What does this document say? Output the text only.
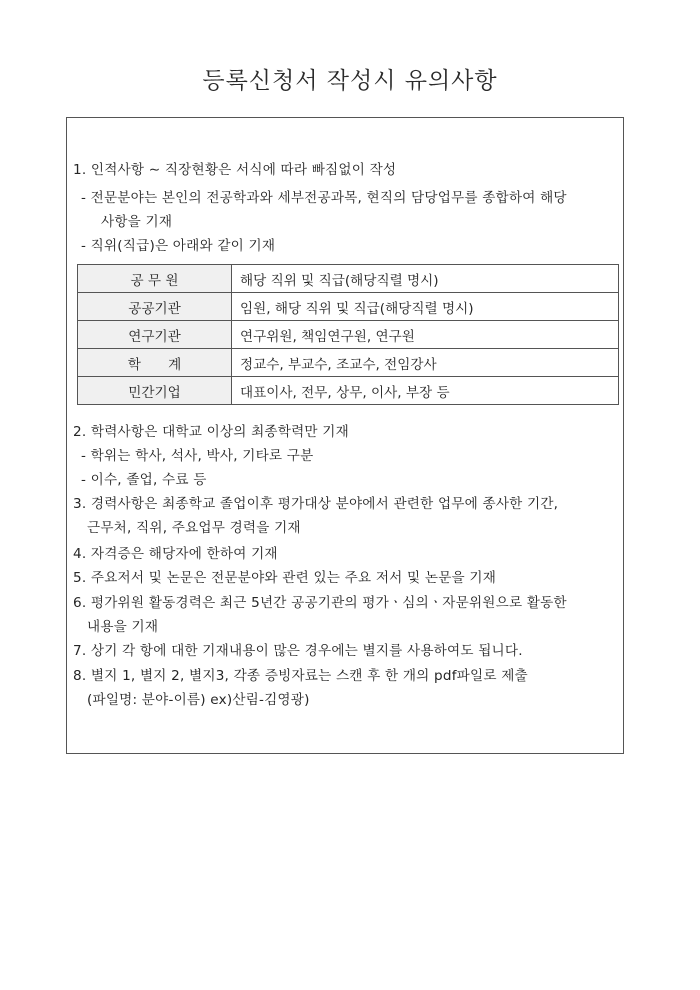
등록신청서 작성시 유의사항
1. 인적사항 ∼ 직장현황은 서식에 따라 빠짐없이 작성
- 전문분야는 본인의 전공학과와 세부전공과목, 현직의 담당업무를 종합하여 해당
사항을 기재
- 직위(직급)은 아래와 같이 기재
공 무 원	해당 직위 및 직급(해당직렬 명시)
공공기관	임원, 해당 직위 및 직급(해당직렬 명시)
연구기관	연구위원, 책임연구원, 연구원
학　　계	정교수, 부교수, 조교수, 전임강사
민간기업	대표이사, 전무, 상무, 이사, 부장 등
2. 학력사항은 대학교 이상의 최종학력만 기재
- 학위는 학사, 석사, 박사, 기타로 구분
- 이수, 졸업, 수료 등
3. 경력사항은 최종학교 졸업이후 평가대상 분야에서 관련한 업무에 종사한 기간,
근무처, 직위, 주요업무 경력을 기재
4. 자격증은 해당자에 한하여 기재
5. 주요저서 및 논문은 전문분야와 관련 있는 주요 저서 및 논문을 기재
6. 평가위원 활동경력은 최근 5년간 공공기관의 평가ㆍ심의ㆍ자문위원으로 활동한
내용을 기재
7. 상기 각 항에 대한 기재내용이 많은 경우에는 별지를 사용하여도 됩니다.
8. 별지 1, 별지 2, 별지3, 각종 증빙자료는 스캔 후 한 개의 pdf파일로 제출
(파일명: 분야-이름) ex)산림-김영광)
